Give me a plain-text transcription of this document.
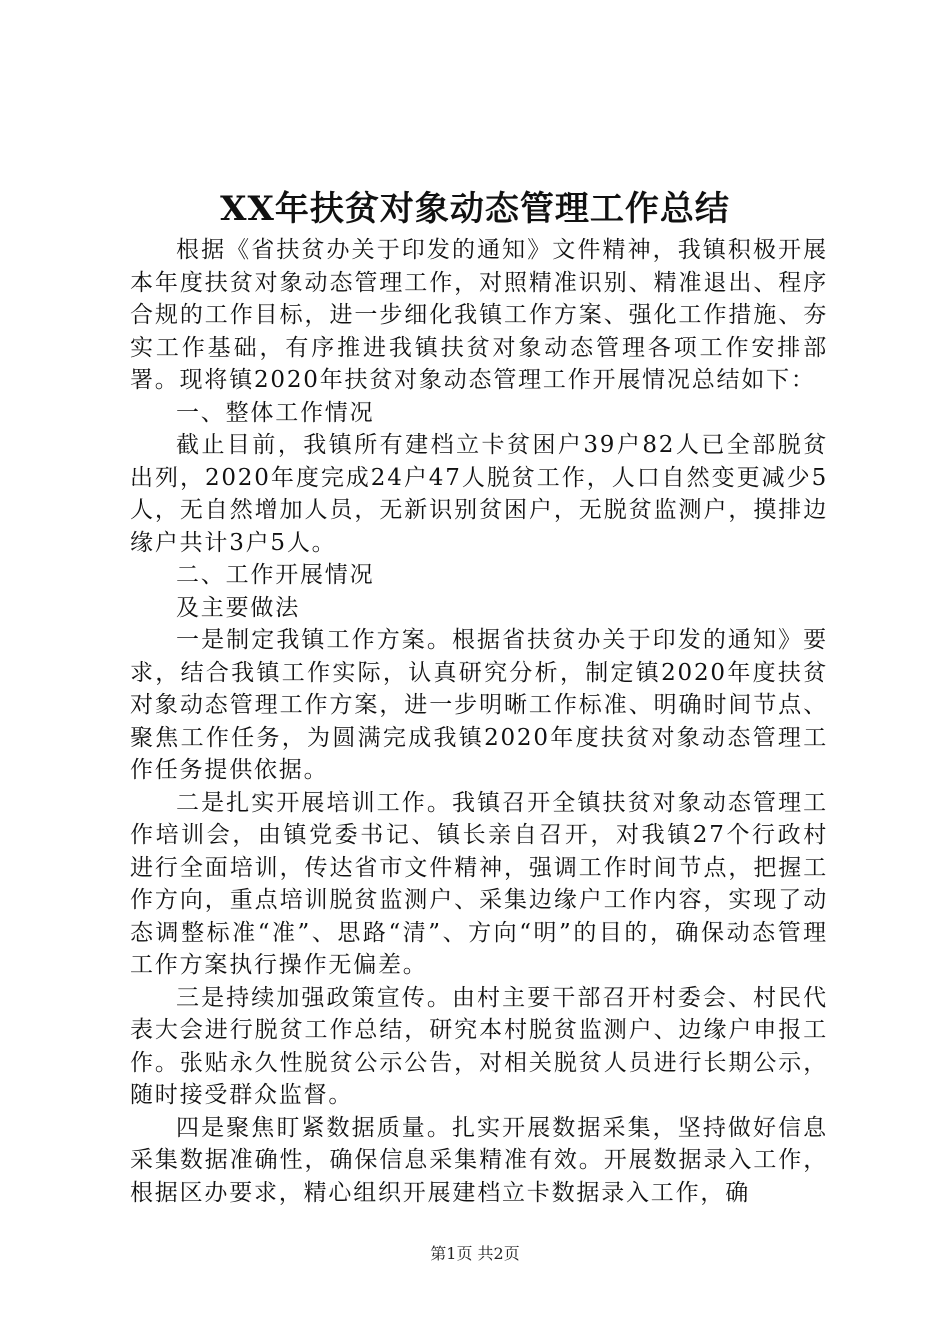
XX年扶贫对象动态管理工作总结

根据《省扶贫办关于印发的通知》文件精神，我镇积极开展本年度扶贫对象动态管理工作，对照精准识别、精准退出、程序合规的工作目标，进一步细化我镇工作方案、强化工作措施、夯实工作基础，有序推进我镇扶贫对象动态管理各项工作安排部署。现将镇2020年扶贫对象动态管理工作开展情况总结如下：

一、整体工作情况

截止目前，我镇所有建档立卡贫困户39户82人已全部脱贫出列，2020年度完成24户47人脱贫工作，人口自然变更减少5人，无自然增加人员，无新识别贫困户，无脱贫监测户，摸排边缘户共计3户5人。

二、工作开展情况

及主要做法

一是制定我镇工作方案。根据省扶贫办关于印发的通知》要求，结合我镇工作实际，认真研究分析，制定镇2020年度扶贫对象动态管理工作方案，进一步明晰工作标准、明确时间节点、聚焦工作任务，为圆满完成我镇2020年度扶贫对象动态管理工作任务提供依据。

二是扎实开展培训工作。我镇召开全镇扶贫对象动态管理工作培训会，由镇党委书记、镇长亲自召开，对我镇27个行政村进行全面培训，传达省市文件精神，强调工作时间节点，把握工作方向，重点培训脱贫监测户、采集边缘户工作内容，实现了动态调整标准“准”、思路“清”、方向“明”的目的，确保动态管理工作方案执行操作无偏差。

三是持续加强政策宣传。由村主要干部召开村委会、村民代表大会进行脱贫工作总结，研究本村脱贫监测户、边缘户申报工作。张贴永久性脱贫公示公告，对相关脱贫人员进行长期公示，随时接受群众监督。

四是聚焦盯紧数据质量。扎实开展数据采集，坚持做好信息采集数据准确性，确保信息采集精准有效。开展数据录入工作，根据区办要求，精心组织开展建档立卡数据录入工作，确

第1页 共2页
